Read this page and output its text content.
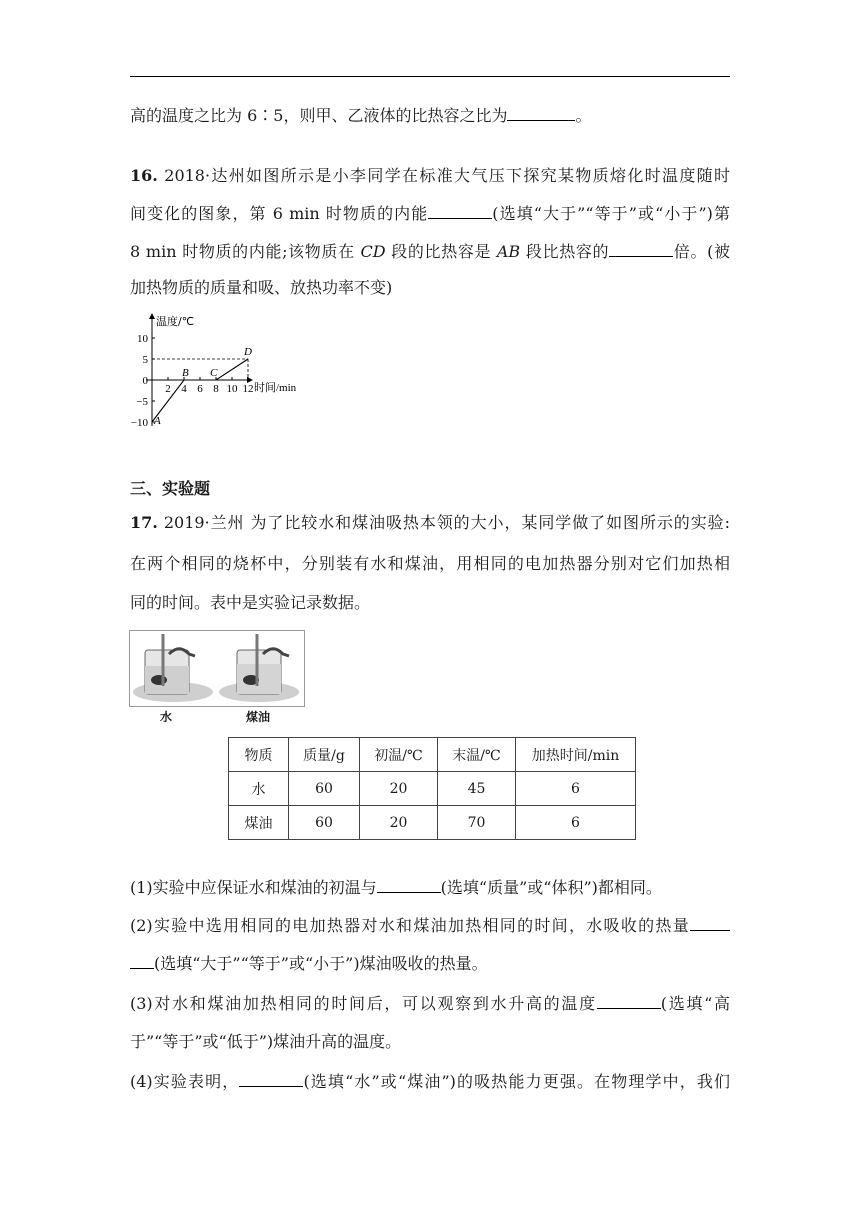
高的温度之比为 6∶5，则甲、乙液体的比热容之比为	。

16. 2018·达州如图所示是小李同学在标准大气压下探究某物质熔化时温度随时

间变化的图象，第 6 min 时物质的内能	(选填“大于”“等于”或“小于”)第

8 min 时物质的内能;该物质在 CD 段的比热容是 AB 段比热容的	倍。(被

加热物质的质量和吸、放热功率不变)

温度/℃
时间/min
−10
−5
5
10
0
2 4 6 8 10 12
A
B C
D
三、实验题

17. 2019·兰州 为了比较水和煤油吸热本领的大小，某同学做了如图所示的实验:

在两个相同的烧杯中，分别装有水和煤油，用相同的电加热器分别对它们加热相

同的时间。表中是实验记录数据。

水	煤油
物质	质量/g	初温/℃	末温/℃	加热时间/min
水	60	20	45	6
煤油	60	20	70	6

(1)实验中应保证水和煤油的初温与	(选填“质量”或“体积”)都相同。

(2)实验中选用相同的电加热器对水和煤油加热相同的时间，水吸收的热量

(选填“大于”“等于”或“小于”)煤油吸收的热量。

(3)对水和煤油加热相同的时间后，可以观察到水升高的温度	(选填“高

于”“等于”或“低于”)煤油升高的温度。

(4)实验表明，	(选填“水”或“煤油”)的吸热能力更强。在物理学中，我们
